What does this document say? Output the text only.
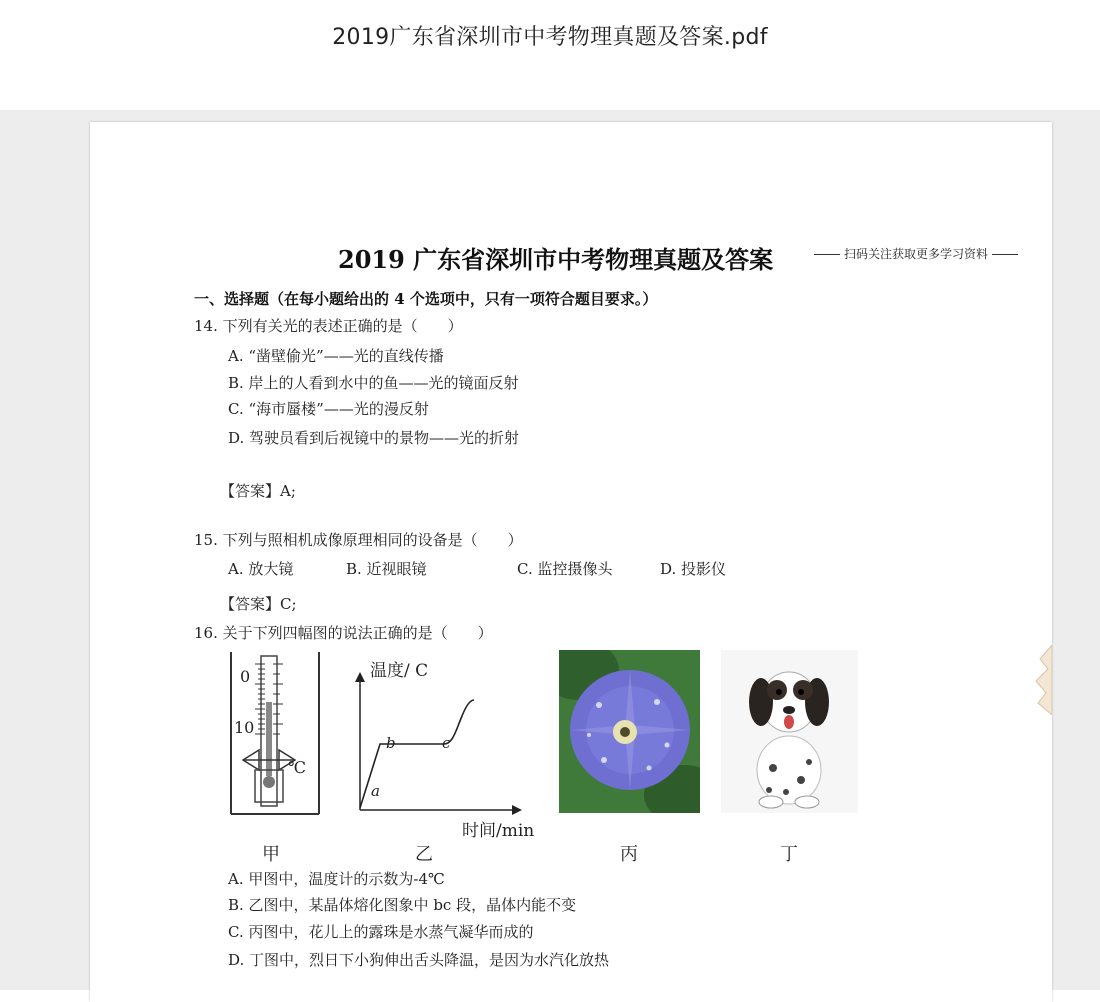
2019广东省深圳市中考物理真题及答案.pdf
2019 广东省深圳市中考物理真题及答案	扫码关注获取更多学习资料
一、选择题（在每小题给出的 4 个选项中，只有一项符合题目要求。）
14. 下列有关光的表述正确的是（　　）
A. “凿壁偷光”——光的直线传播
B. 岸上的人看到水中的鱼——光的镜面反射
C. “海市蜃楼”——光的漫反射
D. 驾驶员看到后视镜中的景物——光的折射
【答案】A;
15. 下列与照相机成像原理相同的设备是（　　）
A. 放大镜	B. 近视眼镜	C. 监控摄像头	D. 投影仪
【答案】C;
16. 关于下列四幅图的说法正确的是（　　）
0
10
℃
温度/ C
时间/min
a
b	c
甲	乙	丙	丁
A. 甲图中，温度计的示数为-4℃
B. 乙图中，某晶体熔化图象中 bc 段，晶体内能不变
C. 丙图中，花儿上的露珠是水蒸气凝华而成的
D. 丁图中，烈日下小狗伸出舌头降温，是因为水汽化放热
